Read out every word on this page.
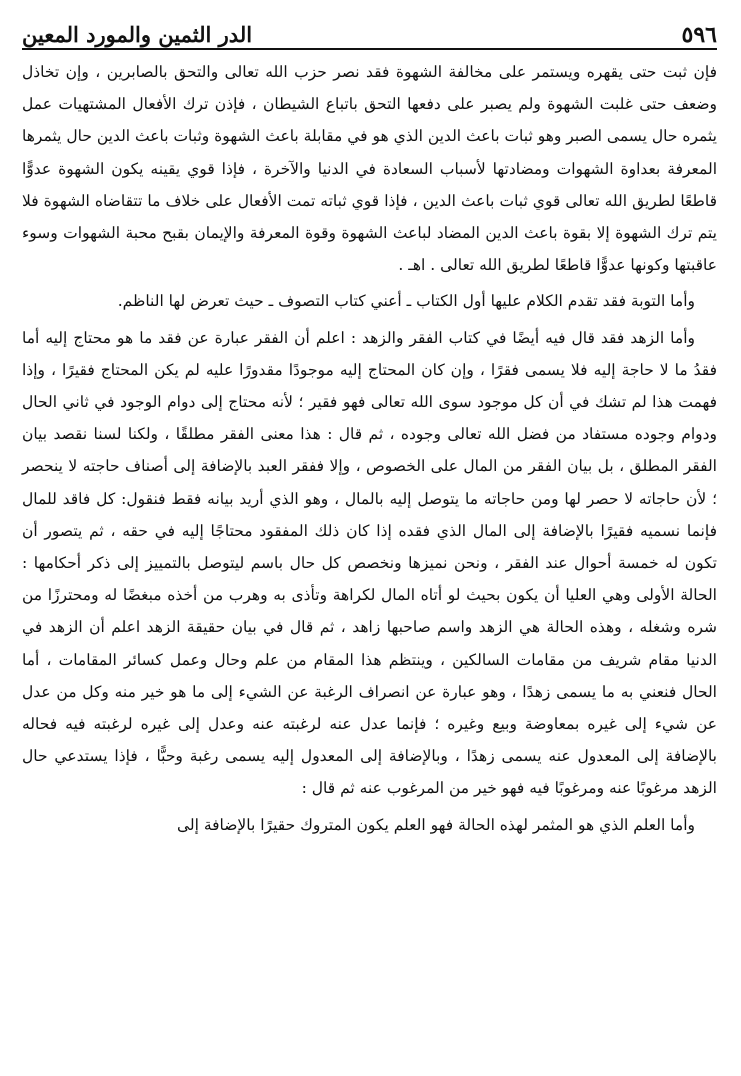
٥٩٦
الدر الثمين والمورد المعين

فإن ثبت حتى يقهره ويستمر على مخالفة الشهوة فقد نصر حزب الله تعالى والتحق بالصابرين ، وإن تخاذل وضعف حتى غلبت الشهوة ولم يصبر على دفعها التحق باتباع الشيطان ، فإذن ترك الأفعال المشتهيات عمل يثمره حال يسمى الصبر وهو ثبات باعث الدين الذي هو في مقابلة باعث الشهوة وثبات باعث الدين حال يثمرها المعرفة بعداوة الشهوات ومضادتها لأسباب السعادة في الدنيا والآخرة ، فإذا قوي يقينه يكون الشهوة عدوًّا قاطعًا لطريق الله تعالى قوي ثبات باعث الدين ، فإذا قوي ثباته تمت الأفعال على خلاف ما تتقاضاه الشهوة فلا يتم ترك الشهوة إلا بقوة باعث الدين المضاد لباعث الشهوة وقوة المعرفة والإيمان بقبح محبة الشهوات وسوء عاقبتها وكونها عدوًّا قاطعًا لطريق الله تعالى . اهـ .

وأما التوبة فقد تقدم الكلام عليها أول الكتاب ـ أعني كتاب التصوف ـ حيث تعرض لها الناظم.

وأما الزهد فقد قال فيه أيضًا في كتاب الفقر والزهد : اعلم أن الفقر عبارة عن فقد ما هو محتاج إليه أما فقدُ ما لا حاجة إليه فلا يسمى فقرًا ، وإن كان المحتاج إليه موجودًا مقدورًا عليه لم يكن المحتاج فقيرًا ، وإذا فهمت هذا لم تشك في أن كل موجود سوى الله تعالى فهو فقير ؛ لأنه محتاج إلى دوام الوجود في ثاني الحال ودوام وجوده مستفاد من فضل الله تعالى وجوده ، ثم قال : هذا معنى الفقر مطلقًا ، ولكنا لسنا نقصد بيان الفقر المطلق ، بل بيان الفقر من المال على الخصوص ، وإلا ففقر العبد بالإضافة إلى أصناف حاجته لا ينحصر ؛ لأن حاجاته لا حصر لها ومن حاجاته ما يتوصل إليه بالمال ، وهو الذي أريد بيانه فقط فنقول: كل فاقد للمال فإنما نسميه فقيرًا بالإضافة إلى المال الذي فقده إذا كان ذلك المفقود محتاجًا إليه في حقه ، ثم يتصور أن تكون له خمسة أحوال عند الفقر ، ونحن نميزها ونخصص كل حال باسم ليتوصل بالتمييز إلى ذكر أحكامها : الحالة الأولى وهي العليا أن يكون بحيث لو أتاه المال لكراهة وتأذى به وهرب من أخذه مبغضًا له ومحترزًا من شره وشغله ، وهذه الحالة هي الزهد واسم صاحبها زاهد ، ثم قال في بيان حقيقة الزهد اعلم أن الزهد في الدنيا مقام شريف من مقامات السالكين ، وينتظم هذا المقام من علم وحال وعمل كسائر المقامات ، أما الحال فنعني به ما يسمى زهدًا ، وهو عبارة عن انصراف الرغبة عن الشيء إلى ما هو خير منه وكل من عدل عن شيء إلى غيره بمعاوضة وبيع وغيره ؛ فإنما عدل عنه لرغبته عنه وعدل إلى غيره لرغبته فيه فحاله بالإضافة إلى المعدول عنه يسمى زهدًا ، وبالإضافة إلى المعدول إليه يسمى رغبة وحبًّا ، فإذا يستدعي حال الزهد مرغوبًا عنه ومرغوبًا فيه فهو خير من المرغوب عنه ثم قال :

وأما العلم الذي هو المثمر لهذه الحالة فهو العلم يكون المتروك حقيرًا بالإضافة إلى
